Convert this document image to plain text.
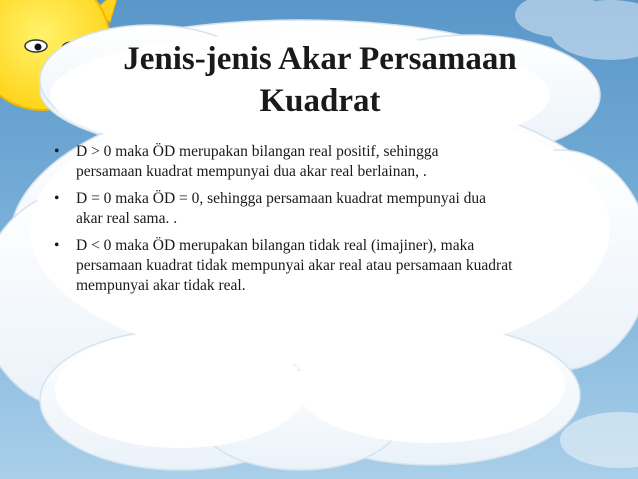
Jenis-jenis Akar Persamaan
Kuadrat
• D > 0 maka ÖD merupakan bilangan real positif, sehingga
persamaan kuadrat mempunyai dua akar real berlainan, .
• D = 0 maka ÖD = 0, sehingga persamaan kuadrat mempunyai dua
akar real sama. .
• D < 0 maka ÖD merupakan bilangan tidak real (imajiner), maka
persamaan kuadrat tidak mempunyai akar real atau persamaan kuadrat
mempunyai akar tidak real.
